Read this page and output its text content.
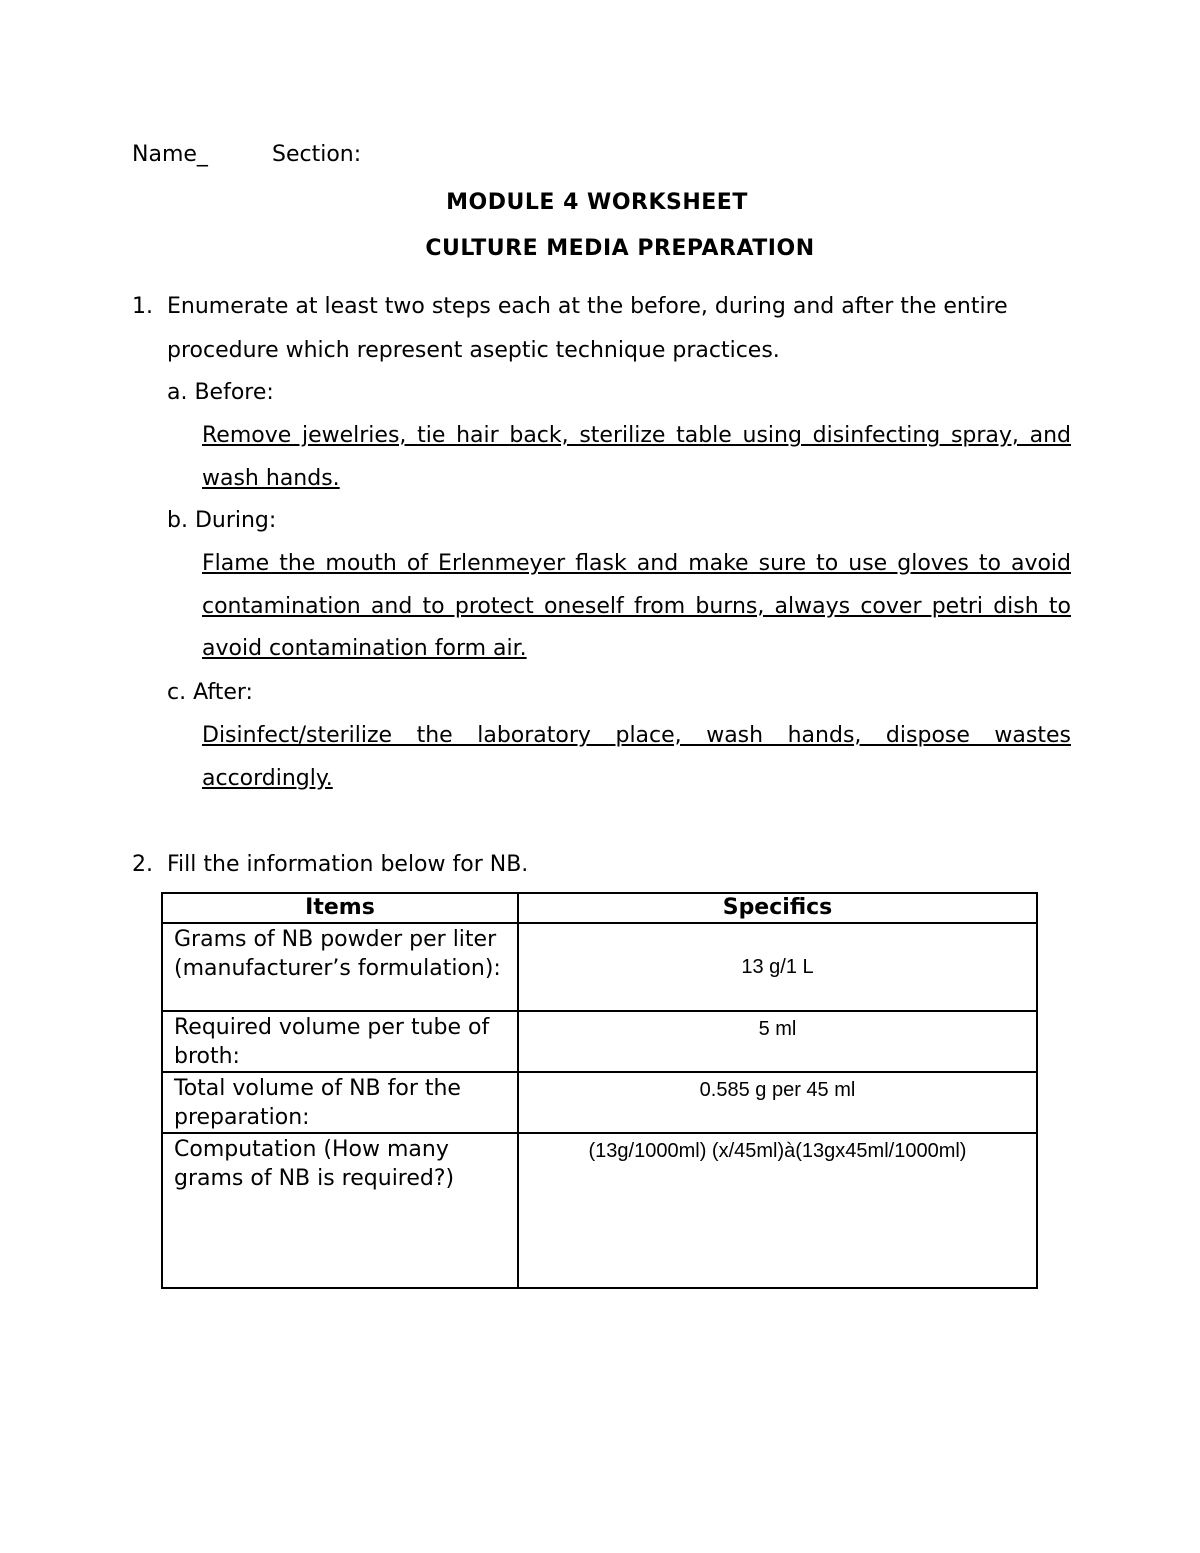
Name_	Section:
MODULE 4 WORKSHEET
CULTURE MEDIA PREPARATION
1. Enumerate at least two steps each at the before, during and after the entire procedure which represent aseptic technique practices.
a. Before:
Remove jewelries, tie hair back, sterilize table using disinfecting spray, and wash hands.
b. During:
Flame the mouth of Erlenmeyer flask and make sure to use gloves to avoid contamination and to protect oneself from burns, always cover petri dish to avoid contamination form air.
c. After:
Disinfect/sterilize the laboratory place, wash hands, dispose wastes accordingly.
2. Fill the information below for NB.
Items	Specifics
Grams of NB powder per liter (manufacturer’s formulation):	13 g/1 L
Required volume per tube of broth:	5 ml

Total volume of NB for the preparation:	0.585 g per 45 ml

Computation (How many grams of NB is required?)	(13g/1000ml) (x/45ml)à(13gx45ml/1000ml)
